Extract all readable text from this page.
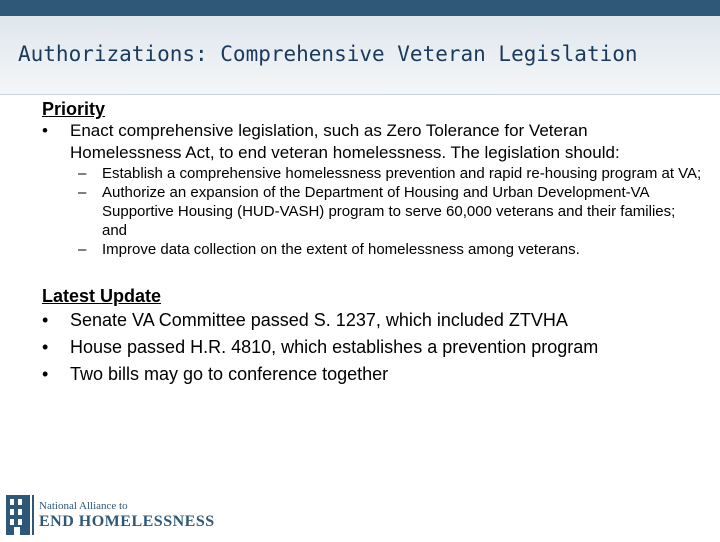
Authorizations: Comprehensive Veteran Legislation

Priority

• Enact comprehensive legislation, such as Zero Tolerance for Veteran Homelessness Act, to end veteran homelessness. The legislation should:
– Establish a comprehensive homelessness prevention and rapid re-housing program at VA;
– Authorize an expansion of the Department of Housing and Urban Development-VA Supportive Housing (HUD-VASH) program to serve 60,000 veterans and their families; and
– Improve data collection on the extent of homelessness among veterans.

Latest Update

• Senate VA Committee passed S. 1237, which included ZTVHA
• House passed H.R. 4810, which establishes a prevention program
• Two bills may go to conference together
National Alliance to
END HOMELESSNESS
